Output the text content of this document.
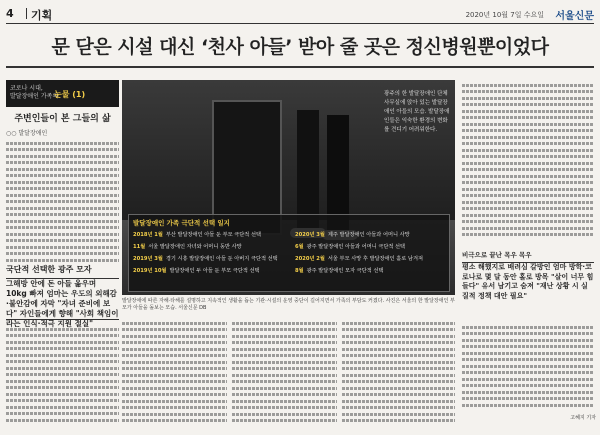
4 기획	2020년 10월 7일 수요일 서울신문
문 닫은 시설 대신 ‘천사 아들’ 받아 줄 곳은 정신병원뿐이었다
코로나 시대,
발달장애인 가족의
눈물 (1)
주변인들이 본 그들의 삶
○○ 발달장애인
국단적 선택한 광주 모자
그해방 안에 돈 아들 옮우며 10kg 빠져 엄마는 우도의 외해감·불안감에 자막 "자녀 준비에 보다" 자인들에게 향해 "사회 책임이라는 인식·적극 지원 절실"
광주의 한 발달장애인 단체 사무실에 앉아 있는 발달장애인 아들의 모습. 발달장애인들은 익숙한 환경의 변화를 견디기 어려워한다.
발달장애인 가족 극단적 선택 일지
2018년 1월 부산 발달장애인 아들 둔 부모 극단적 선택
11월 서울 발달장애인 자녀와 어머니 동반 사망
2019년 3월 경기 시흥 발달장애인 아들 둔 아버지 극단적 선택
2019년 10월 발달장애인 두 아들 둔 부모 극단적 선택
2020년 3월 제주 발달장애인 아들과 어머니 사망
6월 광주 발달장애인 아들과 어머니 극단적 선택
2020년 2월 서울 부모 사망 후 발달장애인 홀로 남겨져
8월 광주 발달장애인 모자 극단적 선택
발달장애에 따른 자해·타해를 설명하고 지속적인 생활을 돕는 기관·시설의 운영 중단이 길어지면서 가족의 부담도 커졌다. 사진은 서울의 한 발달장애인 부모가 아들을 돌보는 모습. 서울신문 DB
비극으로 끝난 목우 목우
평소 해했지로 배려심 갈방인 엄마 방학·코로나로 몇 달 동안 홀로 방목 "살이 너무 힘들다" 유서 남기고 숨져 "재난 상황 시 실질적 정책 대안 필요"
고혜지 기자
